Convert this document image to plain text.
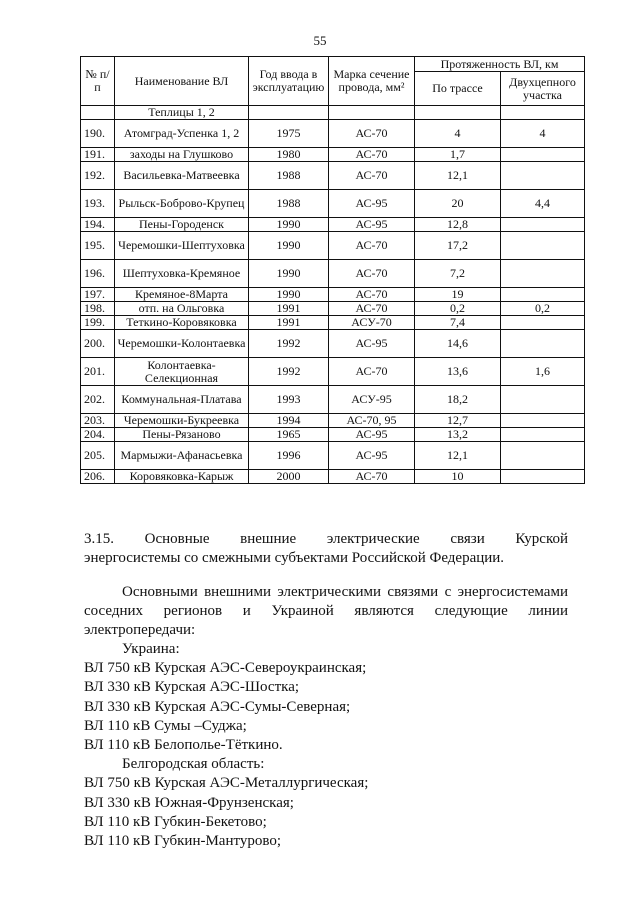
55
№ п/п	Наименование ВЛ	Год ввода в эксплуатацию	Марка сечение провода, мм²	Протяженность ВЛ, км	
				По трассе	Двухцепного участка
	Теплицы 1, 2				
190.	Атомград-Успенка 1, 2	1975	АС-70	4	4
191.	заходы на Глушково	1980	АС-70	1,7	
192.	Васильевка-Матвеевка	1988	АС-70	12,1	
193.	Рыльск-Боброво-Крупец	1988	АС-95	20	4,4
194.	Пены-Городенск	1990	АС-95	12,8	
195.	Черемошки-Шептуховка	1990	АС-70	17,2	
196.	Шептуховка-Кремяное	1990	АС-70	7,2	
197.	Кремяное-8Марта	1990	АС-70	19	
198.	отп. на Ольговка	1991	АС-70	0,2	0,2
199.	Теткино-Коровяковка	1991	АСУ-70	7,4	
200.	Черемошки-Колонтаевка	1992	АС-95	14,6	
201.	Колонтаевка-Селекционная	1992	АС-70	13,6	1,6
202.	Коммунальная-Платава	1993	АСУ-95	18,2	
203.	Черемошки-Букреевка	1994	АС-70, 95	12,7	
204.	Пены-Рязаново	1965	АС-95	13,2	
205.	Мармыжи-Афанасьевка	1996	АС-95	12,1	
206.	Коровяковка-Карыж	2000	АС-70	10	
3.15. Основные внешние электрические связи Курской
энергосистемы со смежными субъектами Российской Федерации.
Основными внешними электрическими связями с энергосистемами
соседних регионов и Украиной являются следующие линии
электропередачи:
Украина:
ВЛ 750 кВ Курская АЭС-Североукраинская;
ВЛ 330 кВ Курская АЭС-Шостка;
ВЛ 330 кВ Курская АЭС-Сумы-Северная;
ВЛ 110 кВ Сумы –Суджа;
ВЛ 110 кВ Белополье-Тёткино.
Белгородская область:
ВЛ 750 кВ Курская АЭС-Металлургическая;
ВЛ 330 кВ Южная-Фрунзенская;
ВЛ 110 кВ Губкин-Бекетово;
ВЛ 110 кВ Губкин-Мантурово;
